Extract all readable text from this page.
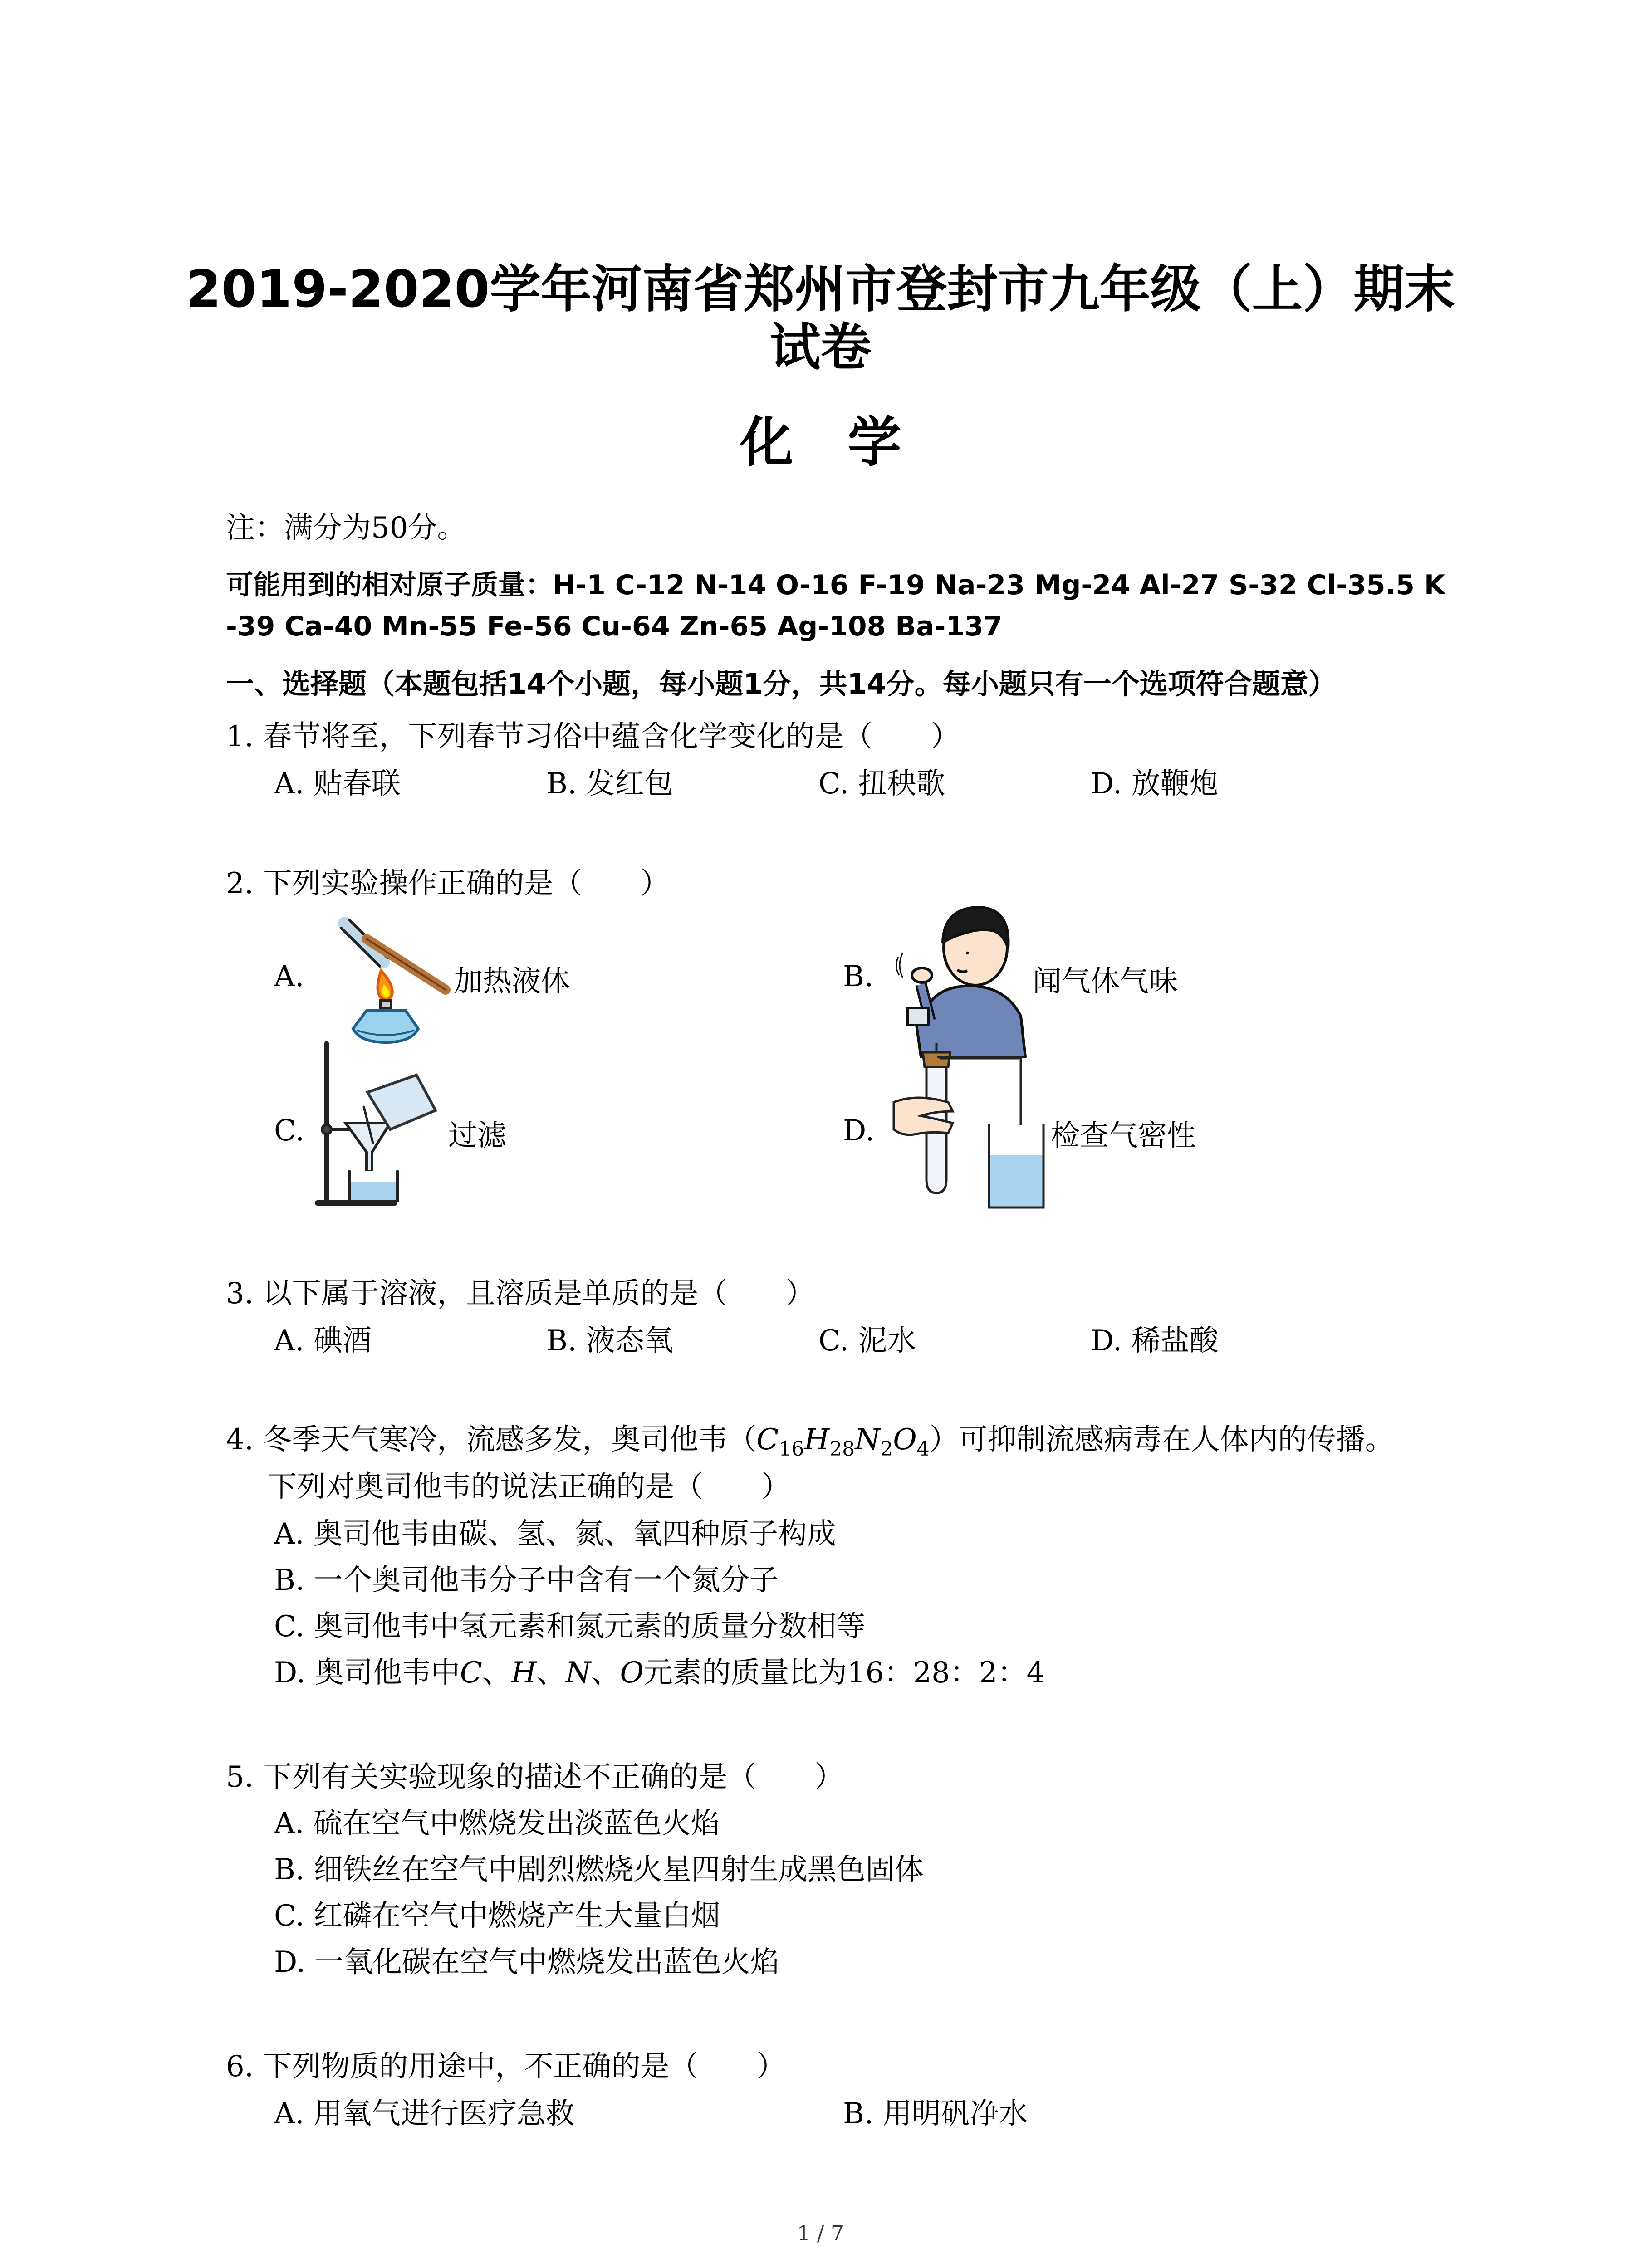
2019-2020学年河南省郑州市登封市九年级（上）期末
试卷
化学
注：满分为50分。
可能用到的相对原子质量：H-1 C-12 N-14 O-16 F-19 Na-23 Mg-24 Al-27 S-32 Cl-35.5 K
-39 Ca-40 Mn-55 Fe-56 Cu-64 Zn-65 Ag-108 Ba-137
一、选择题（本题包括14个小题，每小题1分，共14分。每小题只有一个选项符合题意）
1. 春节将至，下列春节习俗中蕴含化学变化的是（　　）
A. 贴春联	B. 发红包	C. 扭秧歌	D. 放鞭炮
2. 下列实验操作正确的是（　　）
A.	加热液体	B.	闻气体气味
C.	过滤	D.	检查气密性
3. 以下属于溶液，且溶质是单质的是（　　）
A. 碘酒	B. 液态氧	C. 泥水	D. 稀盐酸
4. 冬季天气寒冷，流感多发，奥司他韦$(C_{16}H_{28}N_2O_4)$可抑制流感病毒在人体内的传播。
下列对奥司他韦的说法正确的是（　　）
A. 奥司他韦由碳、氢、氮、氧四种原子构成
B. 一个奥司他韦分子中含有一个氮分子
C. 奥司他韦中氢元素和氮元素的质量分数相等
D. 奥司他韦中C、H、N、O元素的质量比为16：28：2：4
5. 下列有关实验现象的描述不正确的是（　　）
A. 硫在空气中燃烧发出淡蓝色火焰
B. 细铁丝在空气中剧烈燃烧火星四射生成黑色固体
C. 红磷在空气中燃烧产生大量白烟
D. 一氧化碳在空气中燃烧发出蓝色火焰
6. 下列物质的用途中，不正确的是（　　）
A. 用氧气进行医疗急救	B. 用明矾净水
1 / 7
